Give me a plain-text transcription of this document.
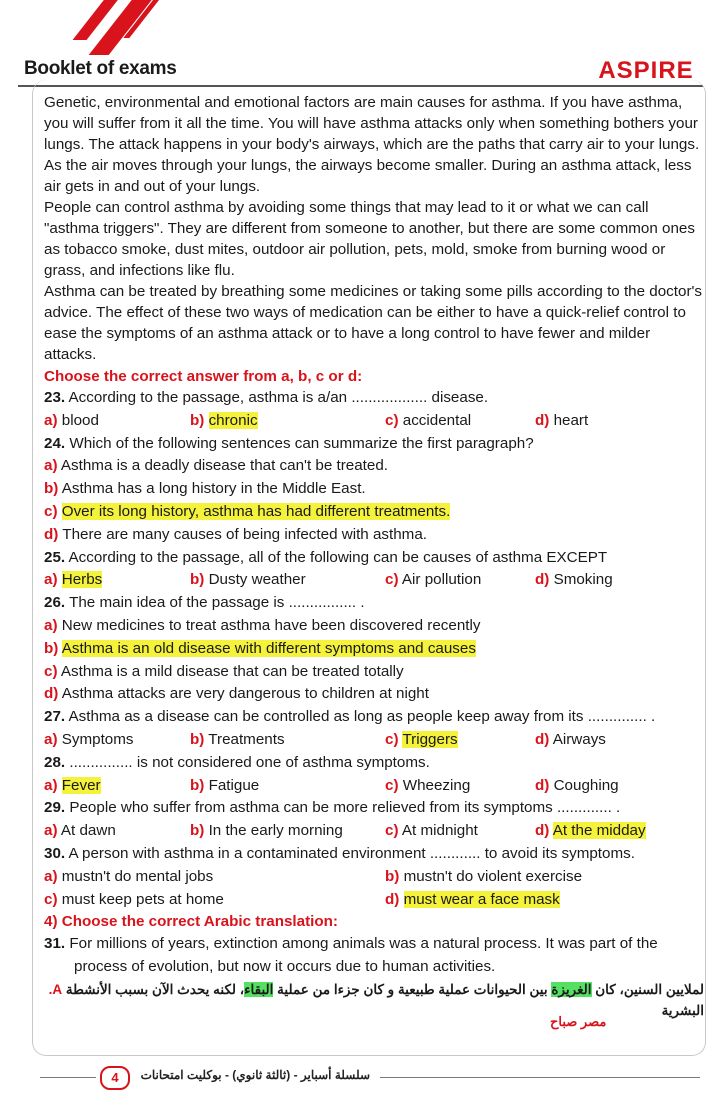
Booklet of exams	ASPIRE

Genetic, environmental and emotional factors are main causes for asthma. If you have asthma, you will suffer from it all the time. You will have asthma attacks only when something bothers your lungs. The attack happens in your body's airways, which are the paths that carry air to your lungs. As the air moves through your lungs, the airways become smaller. During an asthma attack, less air gets in and out of your lungs.

People can control asthma by avoiding some things that may lead to it or what we can call "asthma triggers". They are different from someone to another, but there are some common ones as tobacco smoke, dust mites, outdoor air pollution, pets, mold, smoke from burning wood or grass, and infections like flu.

Asthma can be treated by breathing some medicines or taking some pills according to the doctor's advice. The effect of these two ways of medication can be either to have a quick-relief control to ease the symptoms of an asthma attack or to have a long control to have fewer and milder attacks.

Choose the correct answer from a, b, c or d:

23. According to the passage, asthma is a/an .................. disease.
a) blood	b) chronic	c) accidental	d) heart
24. Which of the following sentences can summarize the first paragraph?
a) Asthma is a deadly disease that can't be treated.
b) Asthma has a long history in the Middle East.
c) Over its long history, asthma has had different treatments.
d) There are many causes of being infected with asthma.
25. According to the passage, all of the following can be causes of asthma EXCEPT
a) Herbs	b) Dusty weather	c) Air pollution	d) Smoking
26. The main idea of the passage is ................ .
a) New medicines to treat asthma have been discovered recently
b) Asthma is an old disease with different symptoms and causes
c) Asthma is a mild disease that can be treated totally
d) Asthma attacks are very dangerous to children at night
27. Asthma as a disease can be controlled as long as people keep away from its .............. .
a) Symptoms	b) Treatments	c) Triggers	d) Airways
28. ............... is not considered one of asthma symptoms.
a) Fever	b) Fatigue	c) Wheezing	d) Coughing
29. People who suffer from asthma can be more relieved from its symptoms ............. .
a) At dawn	b) In the early morning	c) At midnight	d) At the midday
30. A person with asthma in a contaminated environment ............ to avoid its symptoms.
a) mustn't do mental jobs	b) mustn't do violent exercise
c) must keep pets at home	d) must wear a face mask

4) Choose the correct Arabic translation:

31. For millions of years, extinction among animals was a natural process. It was part of the
process of evolution, but now it occurs due to human activities.
لملايين السنين، كان الغريزة بين الحيوانات عملية طبيعية و كان جزءا من عملية البقاء، لكنه يحدث الآن بسبب الأنشطة A.
البشرية
مصر صباح
4	سلسلة أسباير - (ثالثة ثانوي) - بوكليت امتحانات
